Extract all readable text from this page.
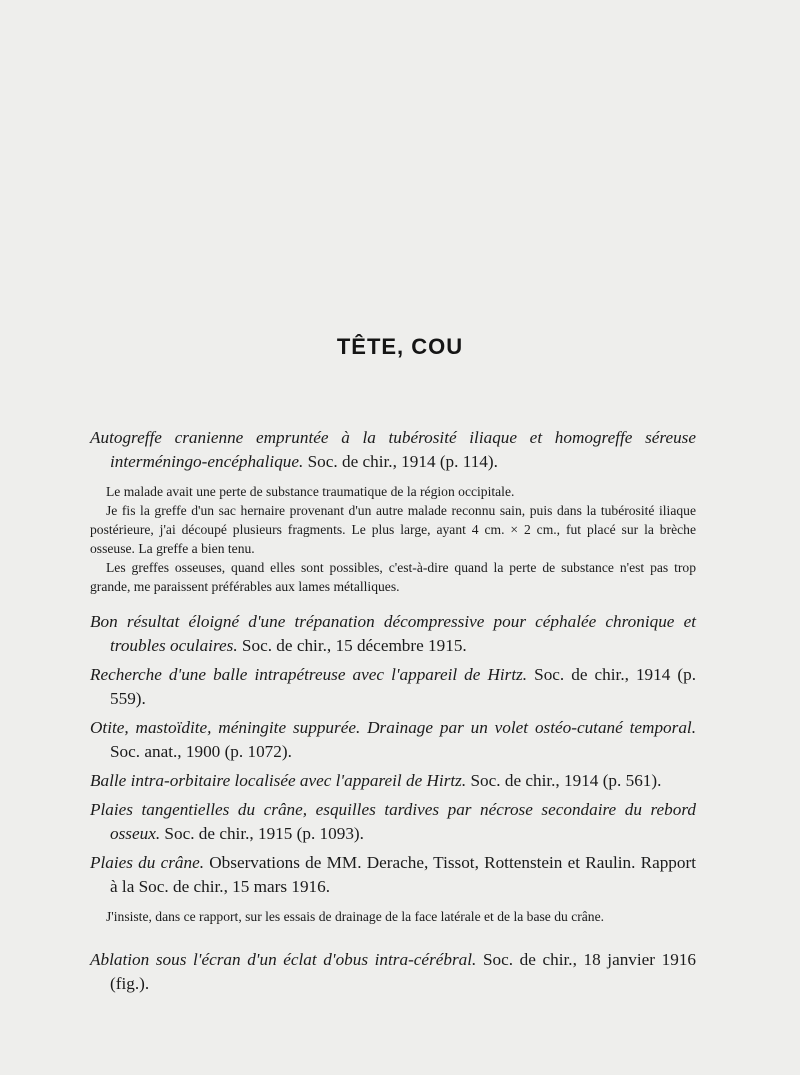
TÊTE, COU

Autogreffe cranienne empruntée à la tubérosité iliaque et homogreffe séreuse interméningo-encéphalique. Soc. de chir., 1914 (p. 114).

Le malade avait une perte de substance traumatique de la région occipitale.

Je fis la greffe d'un sac hernaire provenant d'un autre malade reconnu sain, puis dans la tubérosité iliaque postérieure, j'ai découpé plusieurs fragments. Le plus large, ayant 4 cm. × 2 cm., fut placé sur la brèche osseuse. La greffe a bien tenu.

Les greffes osseuses, quand elles sont possibles, c'est-à-dire quand la perte de substance n'est pas trop grande, me paraissent préférables aux lames métalliques.

Bon résultat éloigné d'une trépanation décompressive pour céphalée chronique et troubles oculaires. Soc. de chir., 15 décembre 1915.

Recherche d'une balle intrapétreuse avec l'appareil de Hirtz. Soc. de chir., 1914 (p. 559).

Otite, mastoïdite, méningite suppurée. Drainage par un volet ostéo-cutané temporal. Soc. anat., 1900 (p. 1072).

Balle intra-orbitaire localisée avec l'appareil de Hirtz. Soc. de chir., 1914 (p. 561).

Plaies tangentielles du crâne, esquilles tardives par nécrose secondaire du rebord osseux. Soc. de chir., 1915 (p. 1093).

Plaies du crâne. Observations de MM. Derache, Tissot, Rottenstein et Raulin. Rapport à la Soc. de chir., 15 mars 1916.

J'insiste, dans ce rapport, sur les essais de drainage de la face latérale et de la base du crâne.

Ablation sous l'écran d'un éclat d'obus intra-cérébral. Soc. de chir., 18 janvier 1916 (fig.).
